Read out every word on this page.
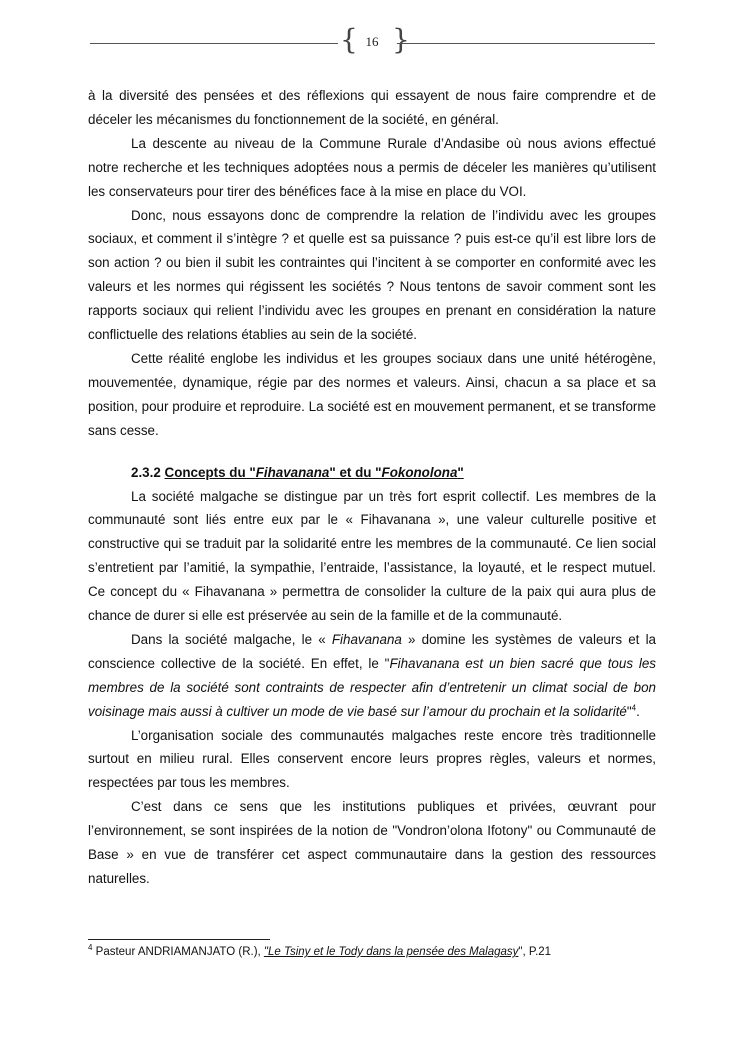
{ 16 }

à la diversité des pensées et des réflexions qui essayent de nous faire comprendre et de déceler les mécanismes du fonctionnement de la société, en général.

La descente au niveau de la Commune Rurale d’Andasibe où nous avions effectué notre recherche et les techniques adoptées nous a permis de déceler les manières qu’utilisent les conservateurs pour tirer des bénéfices face à la mise en place du VOI.

Donc, nous essayons donc de comprendre la relation de l’individu avec les groupes sociaux, et comment il s’intègre ? et quelle est sa puissance ? puis est-ce qu’il est libre lors de son action ? ou bien il subit les contraintes qui l’incitent à se comporter en conformité avec les valeurs et les normes qui régissent les sociétés ? Nous tentons de savoir comment sont les rapports sociaux qui relient l’individu avec les groupes en prenant en considération la nature conflictuelle des relations établies au sein de la société.

Cette réalité englobe les individus et les groupes sociaux dans une unité hétérogène, mouvementée, dynamique, régie par des normes et valeurs. Ainsi, chacun a sa place et sa position, pour produire et reproduire. La société est en mouvement permanent, et se transforme sans cesse.

2.3.2 Concepts du "Fihavanana" et du "Fokonolona"

La société malgache se distingue par un très fort esprit collectif. Les membres de la communauté sont liés entre eux par le « Fihavanana », une valeur culturelle positive et constructive qui se traduit par la solidarité entre les membres de la communauté. Ce lien social s’entretient par l’amitié, la sympathie, l’entraide, l’assistance, la loyauté, et le respect mutuel. Ce concept du « Fihavanana » permettra de consolider la culture de la paix qui aura plus de chance de durer si elle est préservée au sein de la famille et de la communauté.

Dans la société malgache, le « Fihavanana » domine les systèmes de valeurs et la conscience collective de la société. En effet, le "Fihavanana est un bien sacré que tous les membres de la société sont contraints de respecter afin d’entretenir un climat social de bon voisinage mais aussi à cultiver un mode de vie basé sur l’amour du prochain et la solidarité"$^4$.

L’organisation sociale des communautés malgaches reste encore très traditionnelle surtout en milieu rural. Elles conservent encore leurs propres règles, valeurs et normes, respectées par tous les membres.

C’est dans ce sens que les institutions publiques et privées, œuvrant pour l’environnement, se sont inspirées de la notion de "Vondron’olona Ifotony" ou Communauté de Base » en vue de transférer cet aspect communautaire dans la gestion des ressources naturelles.

$^4$ Pasteur ANDRIAMANJATO (R.), "Le Tsiny et le Tody dans la pensée des Malagasy", P.21
